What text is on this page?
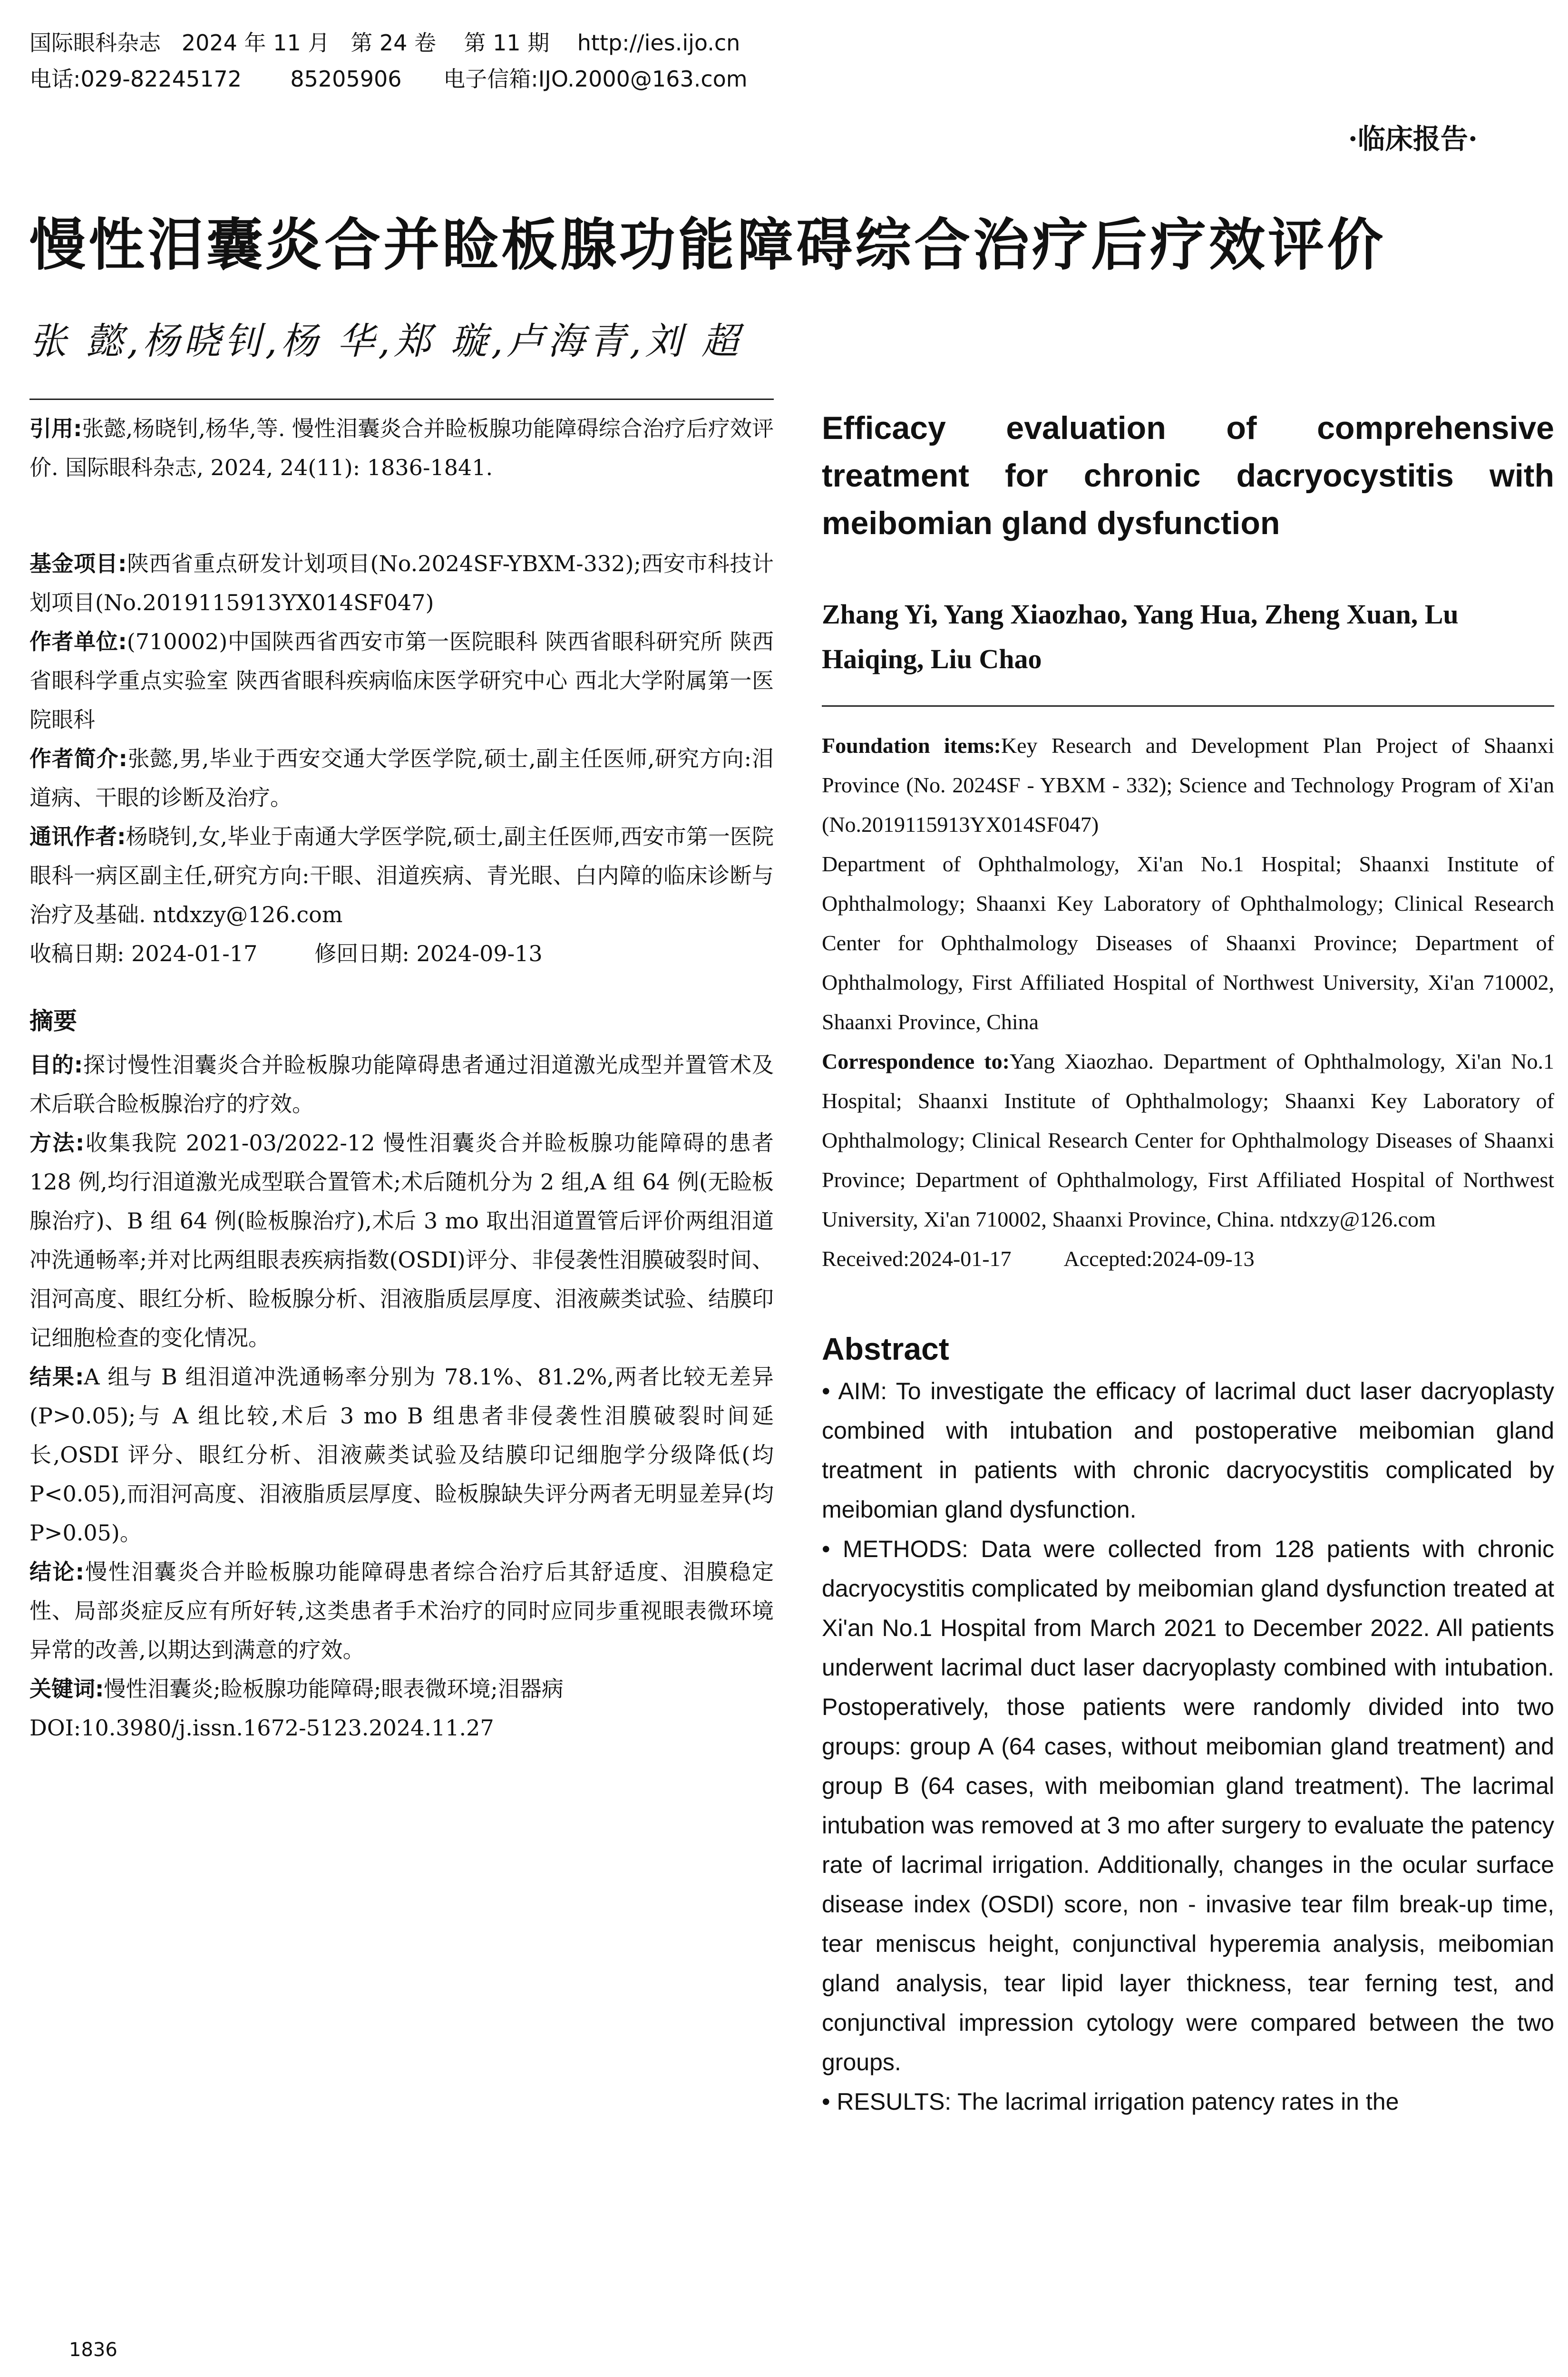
国际眼科杂志   2024 年 11 月   第 24 卷    第 11 期    http://ies.ijo.cn
电话:029-82245172       85205906      电子信箱:IJO.2000@163.com
·临床报告·
慢性泪囊炎合并睑板腺功能障碍综合治疗后疗效评价
张 懿,杨晓钊,杨 华,郑 璇,卢海青,刘 超

引用:张懿,杨晓钊,杨华,等. 慢性泪囊炎合并睑板腺功能障碍综合治疗后疗效评价. 国际眼科杂志, 2024, 24(11): 1836-1841.

基金项目:陕西省重点研发计划项目(No.2024SF-YBXM-332);西安市科技计划项目(No.2019115913YX014SF047)

作者单位:(710002)中国陕西省西安市第一医院眼科 陕西省眼科研究所 陕西省眼科学重点实验室 陕西省眼科疾病临床医学研究中心 西北大学附属第一医院眼科

作者简介:张懿,男,毕业于西安交通大学医学院,硕士,副主任医师,研究方向:泪道病、干眼的诊断及治疗。

通讯作者:杨晓钊,女,毕业于南通大学医学院,硕士,副主任医师,西安市第一医院眼科一病区副主任,研究方向:干眼、泪道疾病、青光眼、白内障的临床诊断与治疗及基础. ntdxzy@126.com

收稿日期: 2024-01-17	修回日期: 2024-09-13

摘要

目的:探讨慢性泪囊炎合并睑板腺功能障碍患者通过泪道激光成型并置管术及术后联合睑板腺治疗的疗效。

方法:收集我院 2021-03/2022-12 慢性泪囊炎合并睑板腺功能障碍的患者 128 例,均行泪道激光成型联合置管术;术后随机分为 2 组,A 组 64 例(无睑板腺治疗)、B 组 64 例(睑板腺治疗),术后 3 mo 取出泪道置管后评价两组泪道冲洗通畅率;并对比两组眼表疾病指数(OSDI)评分、非侵袭性泪膜破裂时间、泪河高度、眼红分析、睑板腺分析、泪液脂质层厚度、泪液蕨类试验、结膜印记细胞检查的变化情况。

结果:A 组与 B 组泪道冲洗通畅率分别为 78.1%、81.2%,两者比较无差异(P>0.05);与 A 组比较,术后 3 mo B 组患者非侵袭性泪膜破裂时间延长,OSDI 评分、眼红分析、泪液蕨类试验及结膜印记细胞学分级降低(均 P<0.05),而泪河高度、泪液脂质层厚度、睑板腺缺失评分两者无明显差异(均 P>0.05)。

结论:慢性泪囊炎合并睑板腺功能障碍患者综合治疗后其舒适度、泪膜稳定性、局部炎症反应有所好转,这类患者手术治疗的同时应同步重视眼表微环境异常的改善,以期达到满意的疗效。

关键词:慢性泪囊炎;睑板腺功能障碍;眼表微环境;泪器病

DOI:10.3980/j.issn.1672-5123.2024.11.27

Efficacy evaluation of comprehensive treatment for chronic dacryocystitis with meibomian gland dysfunction

Zhang Yi, Yang Xiaozhao, Yang Hua, Zheng Xuan, Lu Haiqing, Liu Chao

Foundation items:Key Research and Development Plan Project of Shaanxi Province (No. 2024SF - YBXM - 332); Science and Technology Program of Xi'an (No.2019115913YX014SF047)

Department of Ophthalmology, Xi'an No.1 Hospital; Shaanxi Institute of Ophthalmology; Shaanxi Key Laboratory of Ophthalmology; Clinical Research Center for Ophthalmology Diseases of Shaanxi Province; Department of Ophthalmology, First Affiliated Hospital of Northwest University, Xi'an 710002, Shaanxi Province, China

Correspondence to:Yang Xiaozhao. Department of Ophthalmology, Xi'an No.1 Hospital; Shaanxi Institute of Ophthalmology; Shaanxi Key Laboratory of Ophthalmology; Clinical Research Center for Ophthalmology Diseases of Shaanxi Province; Department of Ophthalmology, First Affiliated Hospital of Northwest University, Xi'an 710002, Shaanxi Province, China. ntdxzy@126.com

Received:2024-01-17 Accepted:2024-09-13

Abstract

• AIM: To investigate the efficacy of lacrimal duct laser dacryoplasty combined with intubation and postoperative meibomian gland treatment in patients with chronic dacryocystitis complicated by meibomian gland dysfunction.

• METHODS: Data were collected from 128 patients with chronic dacryocystitis complicated by meibomian gland dysfunction treated at Xi'an No.1 Hospital from March 2021 to December 2022. All patients underwent lacrimal duct laser dacryoplasty combined with intubation. Postoperatively, those patients were randomly divided into two groups: group A (64 cases, without meibomian gland treatment) and group B (64 cases, with meibomian gland treatment). The lacrimal intubation was removed at 3 mo after surgery to evaluate the patency rate of lacrimal irrigation. Additionally, changes in the ocular surface disease index (OSDI) score, non - invasive tear film break-up time, tear meniscus height, conjunctival hyperemia analysis, meibomian gland analysis, tear lipid layer thickness, tear ferning test, and conjunctival impression cytology were compared between the two groups.

• RESULTS: The lacrimal irrigation patency rates in the

1836
